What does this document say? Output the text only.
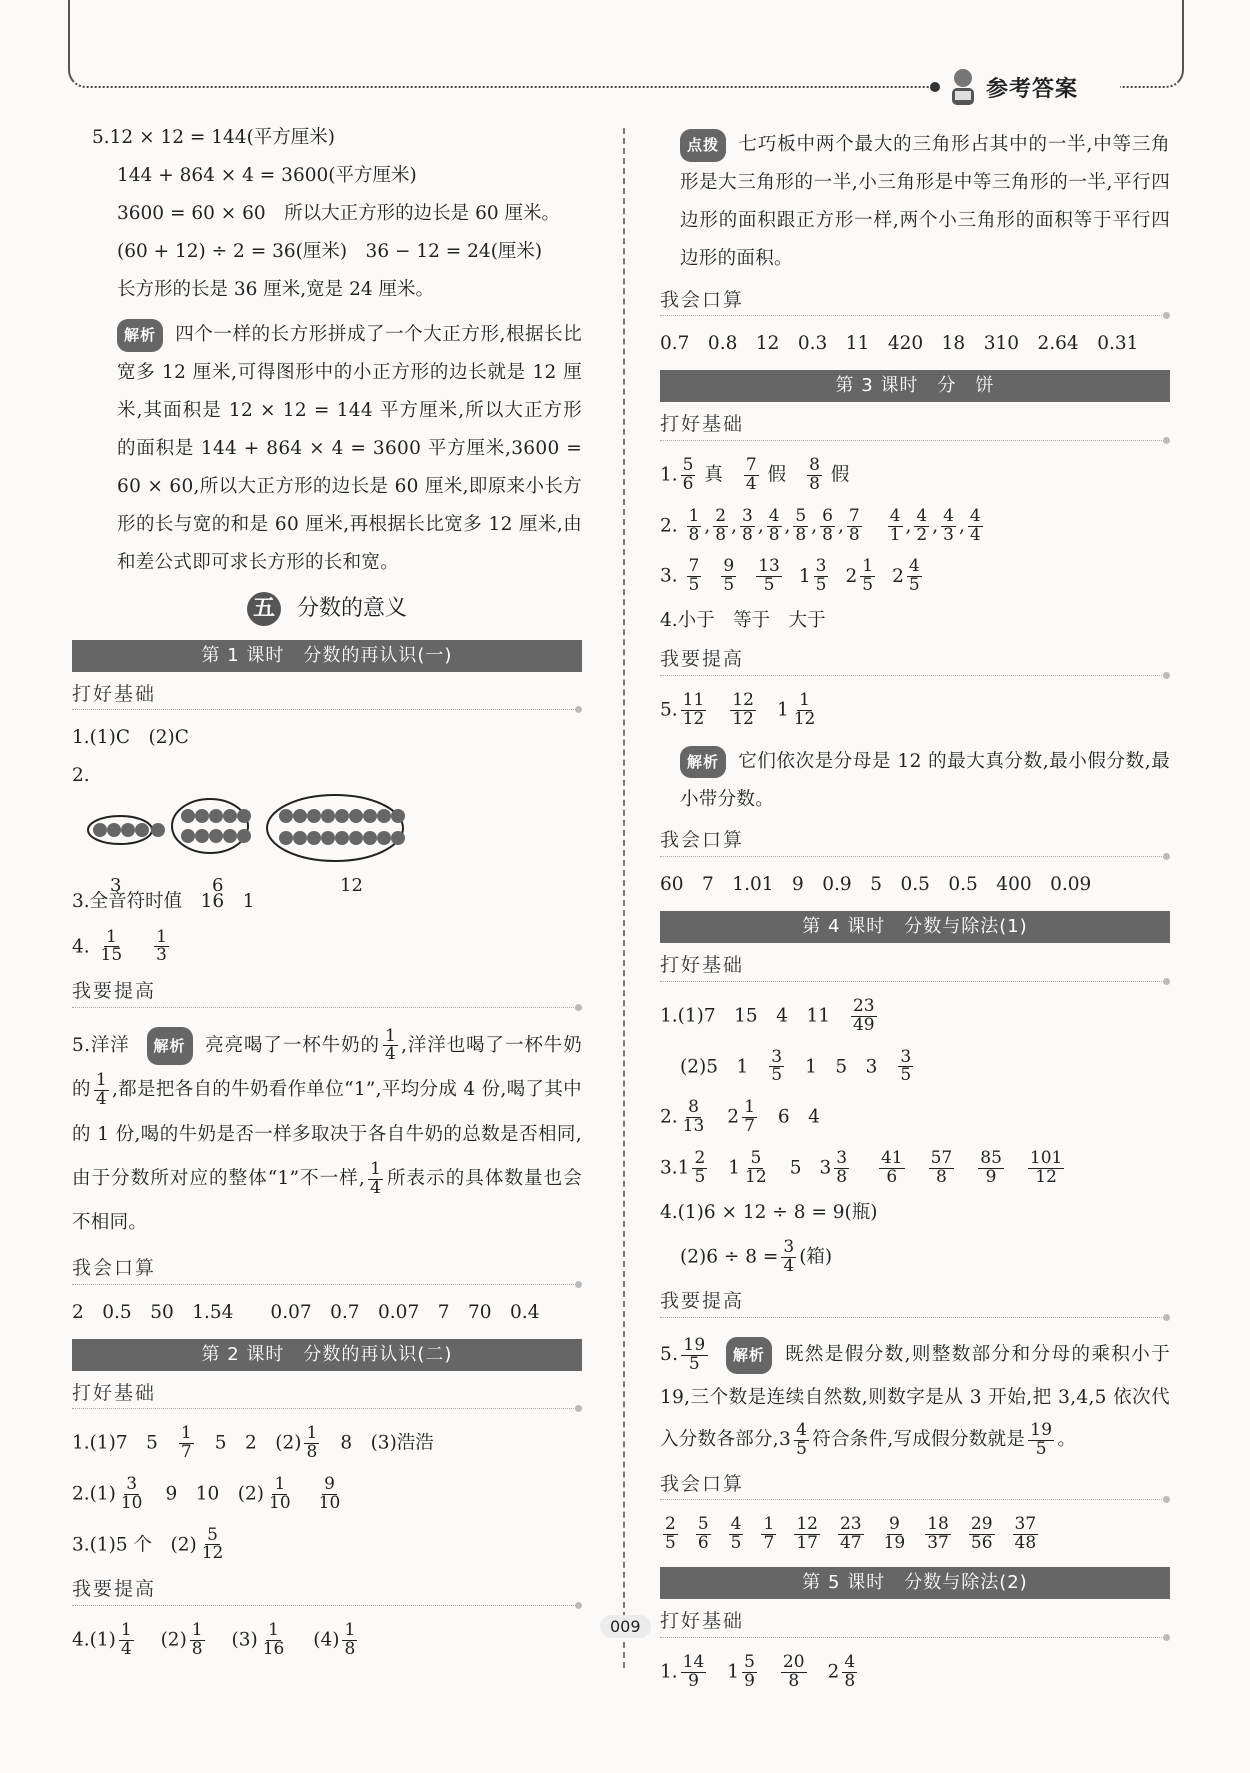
参考答案
5.12 × 12 = 144(平方厘米)
144 + 864 × 4 = 3600(平方厘米)
3600 = 60 × 60　所以大正方形的边长是 60 厘米。
(60 + 12) ÷ 2 = 36(厘米)　36 − 12 = 24(厘米)
长方形的长是 36 厘米,宽是 24 厘米。
解析 四个一样的长方形拼成了一个大正方形,根据长比宽多 12 厘米,可得图形中的小正方形的边长就是 12 厘米,其面积是 12 × 12 = 144 平方厘米,所以大正方形的面积是 144 + 864 × 4 = 3600 平方厘米,3600 = 60 × 60,所以大正方形的边长是 60 厘米,即原来小长方形的长与宽的和是 60 厘米,再根据长比宽多 12 厘米,由和差公式即可求长方形的长和宽。
五 分数的意义
第 1 课时　分数的再认识(一)
打好基础
1.(1)C　(2)C
2.
3	6	12
3.全音符时值　16　1
4. $\frac{1}{15}$
$\frac{1}{3}$
我要提高
5.洋洋 解析 亮亮喝了一杯牛奶的 $\frac{1}{4}$ ,洋洋也喝了一杯牛奶的 $\frac{1}{4}$ ,都是把各自的牛奶看作单位“1”,平均分成 4 份,喝了其中的 1 份,喝的牛奶是否一样多取决于各自牛奶的总数是否相同,由于分数所对应的整体“1”不一样, $\frac{1}{4}$ 所表示的具体数量也会不相同。
我会口算
2　0.5　50　1.54　　0.07　0.7　0.07　7　70　0.4
第 2 课时　分数的再认识(二)
打好基础
1.(1)7　$5 \frac{1}{7} 5$　2　$(2) \frac{1}{8} 8$　(3)浩浩
$2.(1) \frac{3}{10} 9$　10　$(2) \frac{1}{10} \frac{9}{10}$
3.(1)5 个　$(2) \frac{5}{12}$
我要提高
$4.(1) \frac{1}{4} (2) \frac{1}{8} (3) \frac{1}{16} (4) \frac{1}{8}$
点拨 七巧板中两个最大的三角形占其中的一半,中等三角形是大三角形的一半,小三角形是中等三角形的一半,平行四边形的面积跟正方形一样,两个小三角形的面积等于平行四边形的面积。
我会口算
0.7　0.8　12　0.3　11　420　18　310　2.64　0.31
第 3 课时　分　饼
打好基础
1. $\frac{5}{6}$ 真 $\frac{7}{4}$ 假 $\frac{8}{8}$ 假
2. $\frac{1}{8}$ , $\frac{2}{8}$ , $\frac{3}{8}$ , $\frac{4}{8}$ , $\frac{5}{8}$ , $\frac{6}{8}$ , $\frac{7}{8} \frac{4}{1}$ , $\frac{4}{2}$ , $\frac{4}{3}$ , $\frac{4}{4}$
3. $\frac{7}{5} \frac{9}{5} \frac{13}{5} 1 \frac{3}{5} 2 \frac{1}{5} 2 \frac{4}{5}$
4.小于　等于　大于
我要提高
5. $\frac{11}{12} \frac{12}{12} 1 \frac{1}{12}$
解析 它们依次是分母是 12 的最大真分数,最小假分数,最小带分数。
我会口算
60　7　1.01　9　0.9　5　0.5　0.5　400　0.09
第 4 课时　分数与除法(1)
打好基础
1.(1)7　15　4　$11 \frac{23}{49}$
(2)5　$1 \frac{3}{5} 1$　5　$3 \frac{3}{5}$
2. $\frac{8}{13} 2 \frac{1}{7} 6$　4
$3.1 \frac{2}{5} 1 \frac{5}{12} 5$ $3 \frac{3}{8}$
$\frac{41}{6} \frac{57}{8} \frac{85}{9} \frac{101}{12}$
4.(1)6 × 12 ÷ 8 = 9(瓶)
$(2)6 \div 8 = \frac{3}{4}$ (箱)
我要提高
5. $\frac{19}{5}$ 解析 既然是假分数,则整数部分和分母的乘积小于 19,三个数是连续自然数,则数字是从 3 开始,把 3,4,5 依次代入分数各部分$,3 \frac{4}{5}$ 符合条件,写成假分数就是 $\frac{19}{5}$ 。
我会口算
$\frac{2}{5} \frac{5}{6} \frac{4}{5} \frac{1}{7} \frac{12}{17} \frac{23}{47} \frac{9}{19} \frac{18}{37} \frac{29}{56} \frac{37}{48}$
第 5 课时　分数与除法(2)
打好基础
1. $\frac{14}{9} 1 \frac{5}{9} \frac{20}{8} 2 \frac{4}{8}$
009
